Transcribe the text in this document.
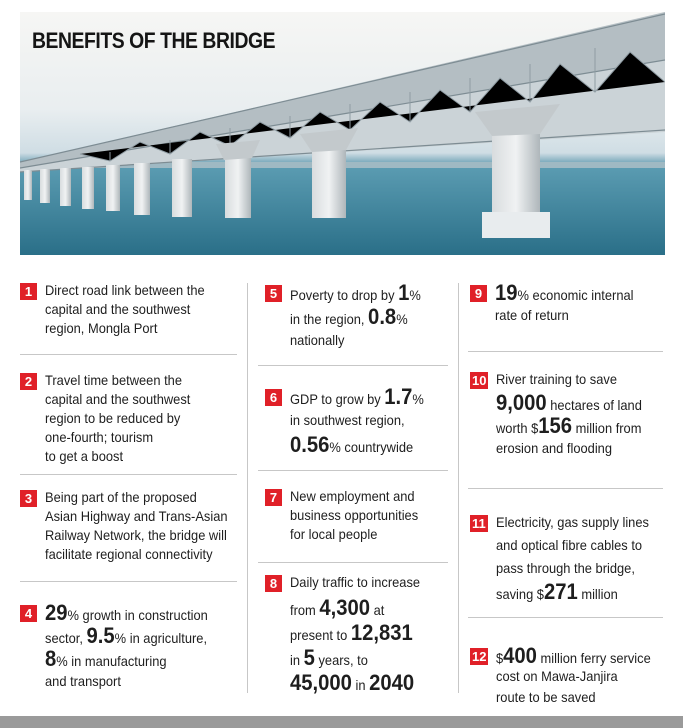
BENEFITS OF THE BRIDGE
1 Direct road link between the
capital and the southwest
region, Mongla Port
2 Travel time between the
capital and the southwest
region to be reduced by
one-fourth; tourism
to get a boost
3 Being part of the proposed
Asian Highway and Trans-Asian
Railway Network, the bridge will
facilitate regional connectivity
4 29% growth in construction
sector, 9.5% in agriculture,
8% in manufacturing
and transport
5 Poverty to drop by 1%
in the region, 0.8%
nationally
6 GDP to grow by 1.7%
in southwest region,
0.56% countrywide
7 New employment and
business opportunities
for local people
8 Daily traffic to increase
from 4,300 at
present to 12,831
in 5 years, to
45,000 in 2040
9 19% economic internal
rate of return
10 River training to save
9,000 hectares of land
worth $156 million from
erosion and flooding
11 Electricity, gas supply lines
and optical fibre cables to
pass through the bridge,
saving $271 million
12 $400 million ferry service
cost on Mawa-Janjira
route to be saved
